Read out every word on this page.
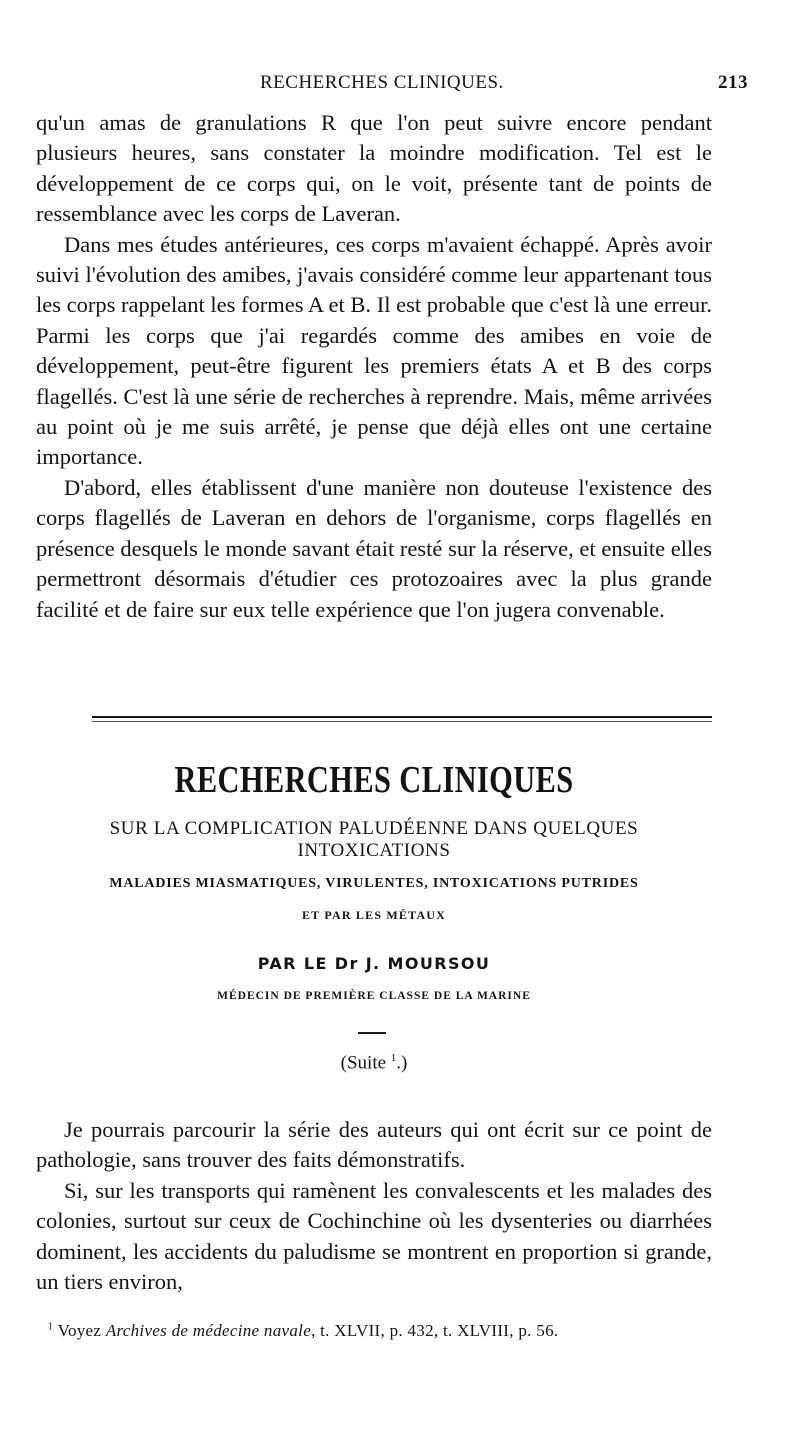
RECHERCHES CLINIQUES.	213

qu'un amas de granulations R que l'on peut suivre encore pendant plusieurs heures, sans constater la moindre modification. Tel est le développement de ce corps qui, on le voit, présente tant de points de ressemblance avec les corps de Laveran.

Dans mes études antérieures, ces corps m'avaient échappé. Après avoir suivi l'évolution des amibes, j'avais considéré comme leur appartenant tous les corps rappelant les formes A et B. Il est probable que c'est là une erreur. Parmi les corps que j'ai regardés comme des amibes en voie de développement, peut-être figurent les premiers états A et B des corps flagellés. C'est là une série de recherches à reprendre. Mais, même arrivées au point où je me suis arrêté, je pense que déjà elles ont une certaine importance.

D'abord, elles établissent d'une manière non douteuse l'existence des corps flagellés de Laveran en dehors de l'organisme, corps flagellés en présence desquels le monde savant était resté sur la réserve, et ensuite elles permettront désormais d'étudier ces protozoaires avec la plus grande facilité et de faire sur eux telle expérience que l'on jugera convenable.

RECHERCHES CLINIQUES
SUR LA COMPLICATION PALUDÉENNE DANS QUELQUES INTOXICATIONS
MALADIES MIASMATIQUES, VIRULENTES, INTOXICATIONS PUTRIDES
ET PAR LES MÉTAUX
PAR LE Dr J. MOURSOU
MÉDECIN DE PREMIÈRE CLASSE DE LA MARINE
(Suite $^1$.)

Je pourrais parcourir la série des auteurs qui ont écrit sur ce point de pathologie, sans trouver des faits démonstratifs.

Si, sur les transports qui ramènent les convalescents et les malades des colonies, surtout sur ceux de Cochinchine où les dysenteries ou diarrhées dominent, les accidents du paludisme se montrent en proportion si grande, un tiers environ,

$^1$ Voyez Archives de médecine navale, t. XLVII, p. 432, t. XLVIII, p. 56.
